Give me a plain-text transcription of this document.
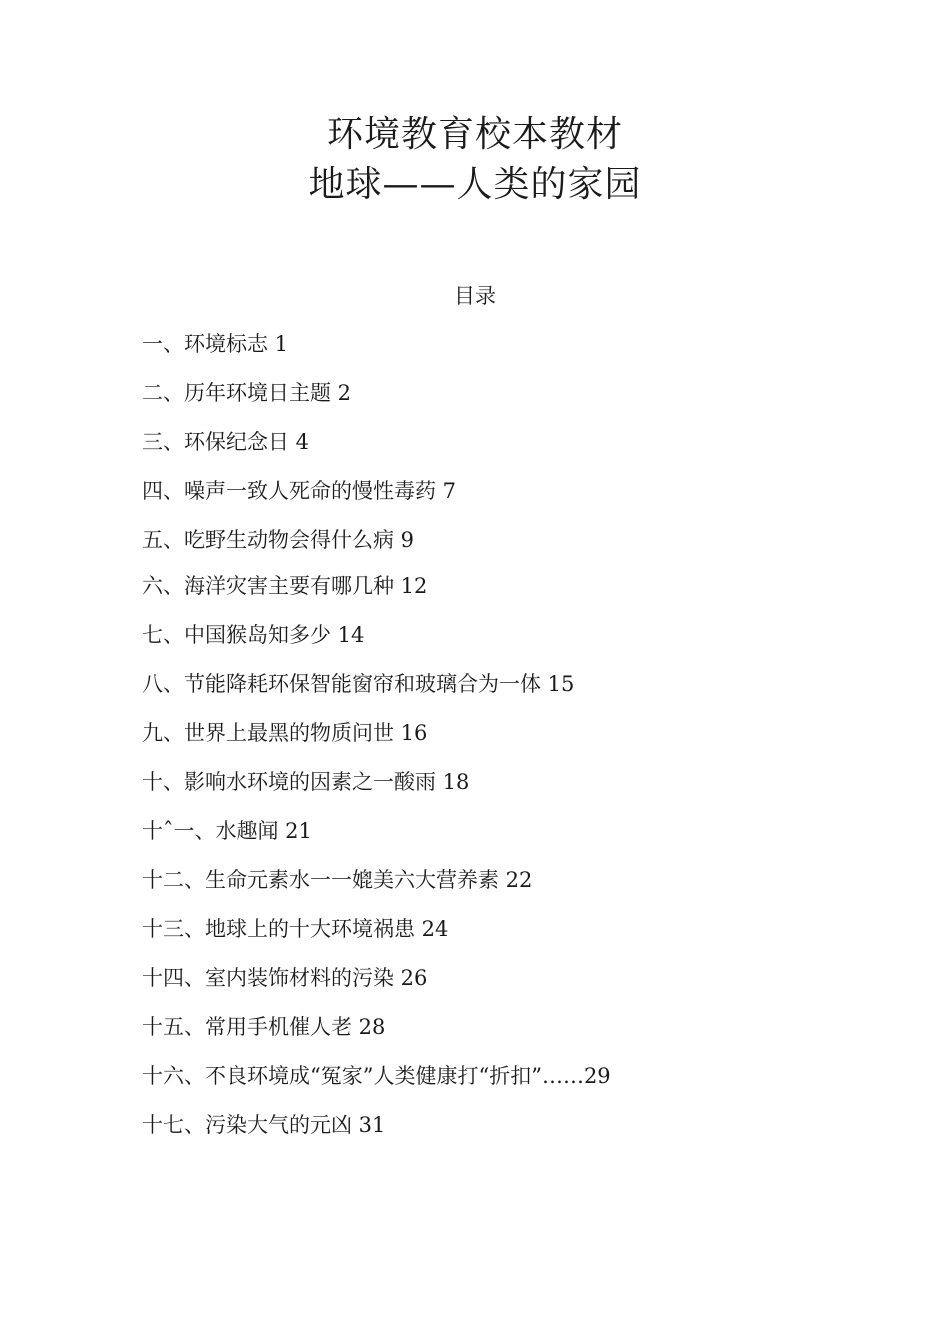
环境教育校本教材
地球——人类的家园
目录
一、环境标志 1
二、历年环境日主题 2
三、环保纪念日 4
四、噪声一致人死命的慢性毒药 7
五、吃野生动物会得什么病 9
六、海洋灾害主要有哪几种 12
七、中国猴岛知多少 14
八、节能降耗环保智能窗帘和玻璃合为一体 15
九、世界上最黑的物质问世 16
十、影响水环境的因素之一酸雨 18
十ˆ一、水趣闻 21
十二、生命元素水一一媲美六大营养素 22
十三、地球上的十大环境祸患 24
十四、室内装饰材料的污染 26
十五、常用手机催人老 28
十六、不良环境成“冤家”人类健康打“折扣”……29
十七、污染大气的元凶 31
